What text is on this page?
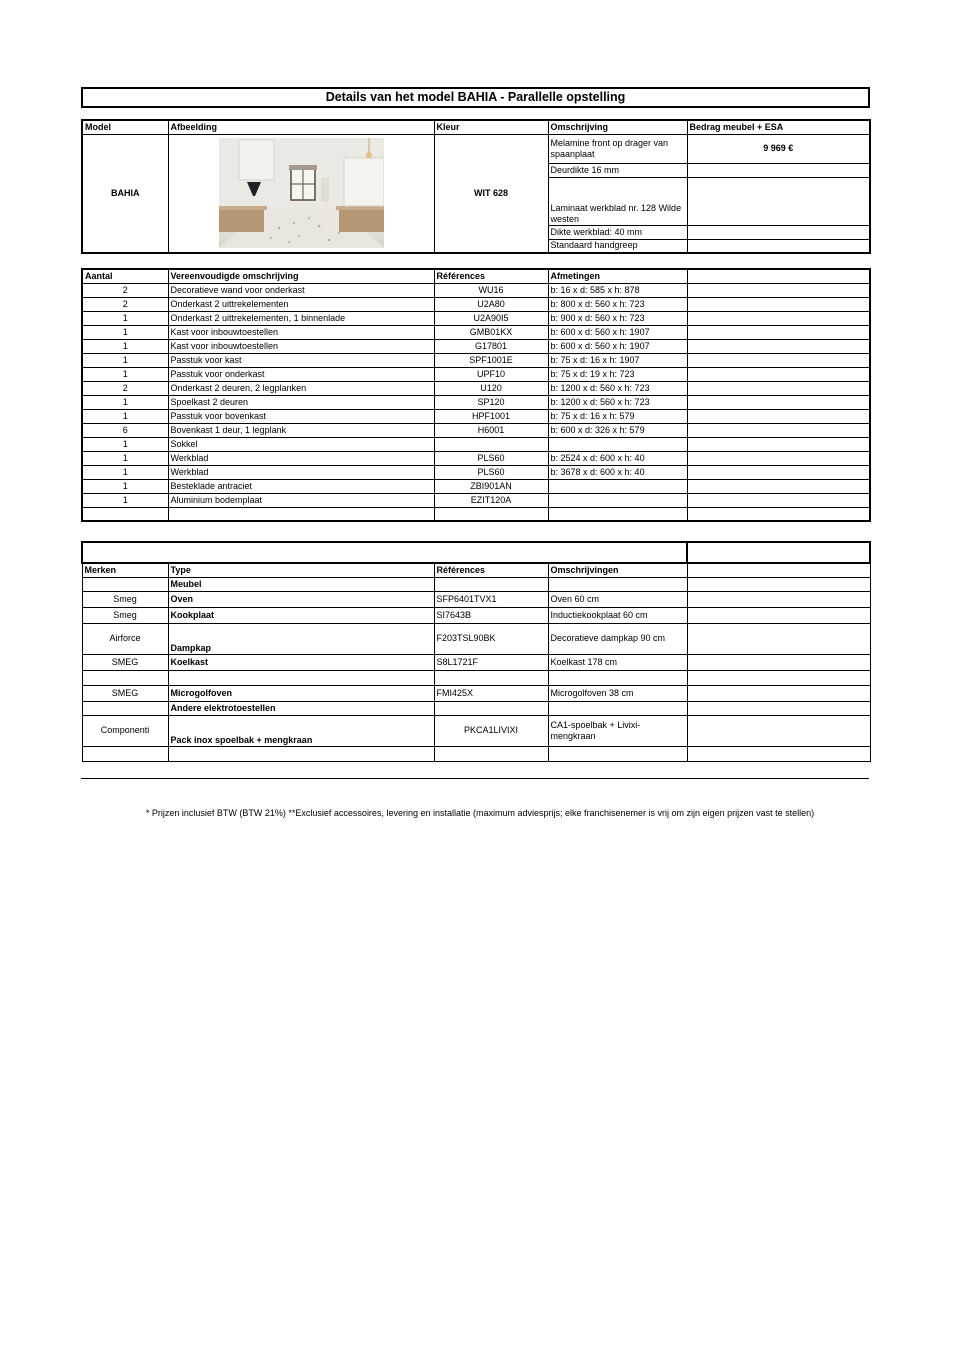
Details van het model BAHIA - Parallelle opstelling
Model	Afbeelding	Kleur	Omschrijving	Bedrag meubel + ESA
BAHIA		WIT 628	Melamine front op drager van spaanplaat	9 969 €
			Deurdikte 16 mm	
			Laminaat werkblad nr. 128 Wilde westen	
			Dikte werkblad: 40 mm	
			Standaard handgreep	
Aantal	Vereenvoudigde omschrijving	Références	Afmetingen	
2	Decoratieve wand voor onderkast	WU16	b: 16 x d: 585 x h: 878	
2	Onderkast 2 uittrekelementen	U2A80	b: 800 x d: 560 x h: 723	
1	Onderkast 2 uittrekelementen, 1 binnenlade	U2A90I5	b: 900 x d: 560 x h: 723	
1	Kast voor inbouwtoestellen	GMB01KX	b: 600 x d: 560 x h: 1907	
1	Kast voor inbouwtoestellen	G17801	b: 600 x d: 560 x h: 1907	
1	Passtuk voor kast	SPF1001E	b: 75 x d: 16 x h: 1907	
1	Passtuk voor onderkast	UPF10	b: 75 x d: 19 x h: 723	
2	Onderkast 2 deuren, 2 legplanken	U120	b: 1200 x d: 560 x h: 723	
1	Spoelkast 2 deuren	SP120	b: 1200 x d: 560 x h: 723	
1	Passtuk voor bovenkast	HPF1001	b: 75 x d: 16 x h: 579	
6	Bovenkast 1 deur, 1 legplank	H6001	b: 600 x d: 326 x h: 579	
1	Sokkel			
1	Werkblad	PLS60	b: 2524 x d: 600 x h: 40	
1	Werkblad	PLS60	b: 3678 x d: 600 x h: 40	
1	Besteklade antraciet	ZBI901AN		
1	Aluminium bodemplaat	EZIT120A		

Merken	Type	Références	Omschrijvingen	
	Meubel			
Smeg	Oven	SFP6401TVX1	Oven 60 cm	
Smeg	Kookplaat	SI7643B	Inductiekookplaat 60 cm	
Airforce	Dampkap	F203TSL90BK	Decoratieve dampkap 90 cm	
SMEG	Koelkast	S8L1721F	Koelkast 178 cm	

SMEG	Microgolfoven	FMI425X	Microgolfoven 38 cm	
	Andere elektrotoestellen			
Componenti	Pack inox spoelbak + mengkraan	PKCA1LIVIXI	CA1-spoelbak + Livixi-mengkraan	

* Prijzen inclusief BTW (BTW 21%) **Exclusief accessoires, levering en installatie (maximum adviesprijs; elke franchisenemer is vrij om zijn eigen prijzen vast te stellen)
